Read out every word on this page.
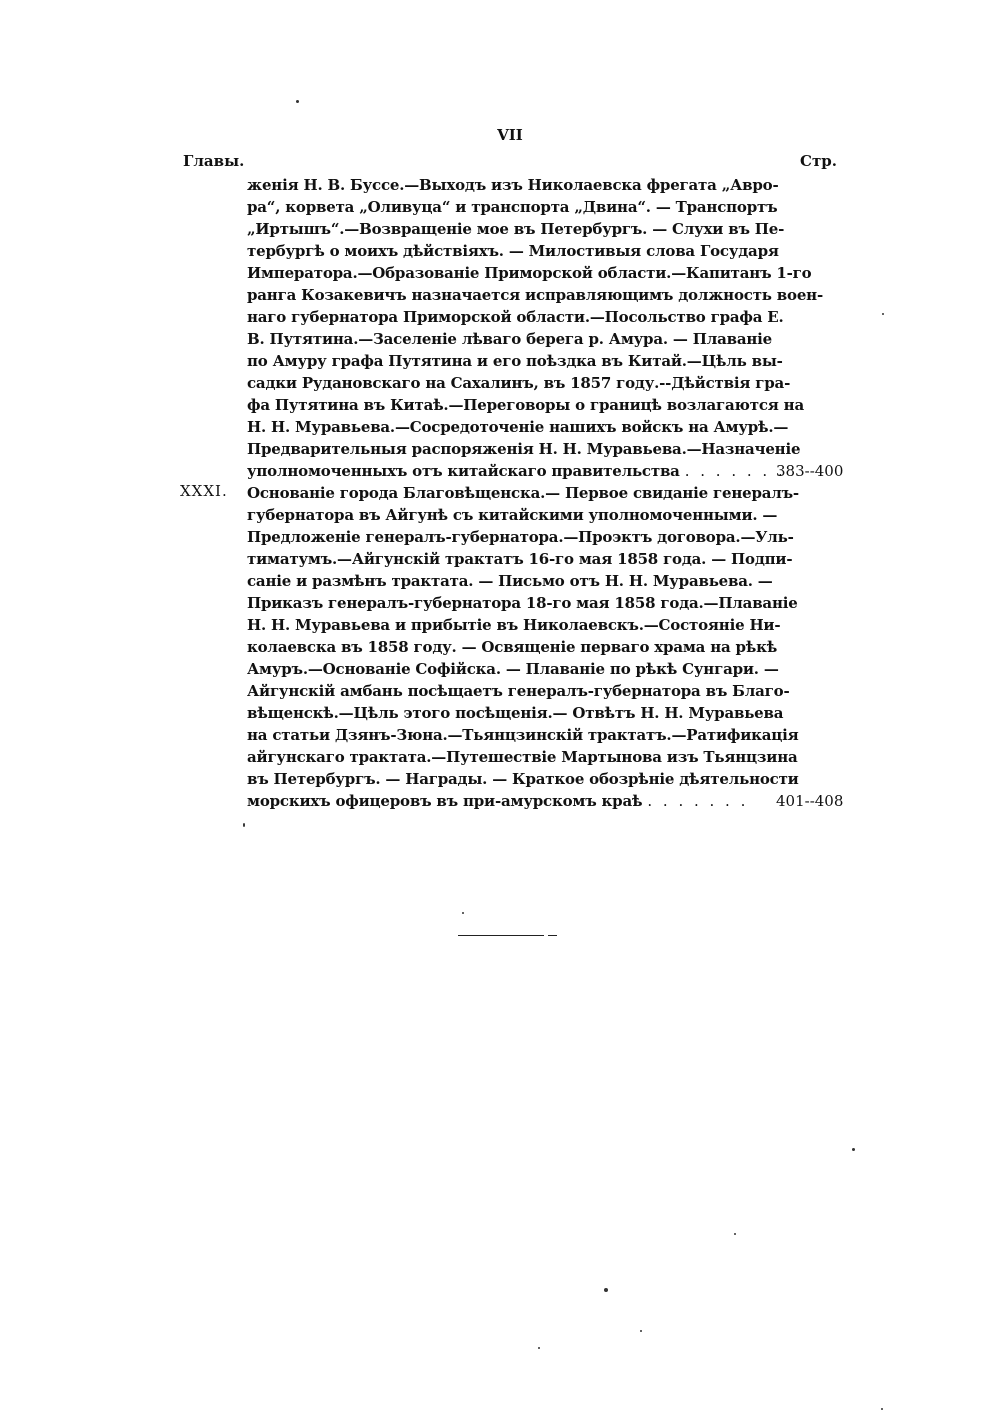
VII
Главы.	Стр.
женія Н. В. Буссе.—Выходъ изъ Николаевска фрегата „Авро-
ра“, корвета „Оливуца“ и транспорта „Двина“. — Транспортъ
„Иртышъ“.—Возвращеніе мое въ Петербургъ. — Слухи въ Пе-
тербургѣ о моихъ дѣйствіяхъ. — Милостивыя слова Государя
Императора.—Образованіе Приморской области.—Капитанъ 1-го
ранга Козакевичъ назначается исправляющимъ должность воен-
наго губернатора Приморской области.—Посольство графа Е.
В. Путятина.—Заселеніе лѣваго берега р. Амура. — Плаваніе
по Амуру графа Путятина и его поѣздка въ Китай.—Цѣль вы-
садки Рудановскаго на Сахалинъ, въ 1857 году.--Дѣйствія гра-
фа Путятина въ Китаѣ.—Переговоры о границѣ возлагаются на
Н. Н. Муравьева.—Сосредоточеніе нашихъ войскъ на Амурѣ.—
Предварительныя распоряженія Н. Н. Муравьева.—Назначеніе
уполномоченныхъ отъ китайскаго правительства . . . . . . .
383--400
XXXI. Основаніе города Благовѣщенска.— Первое свиданіе генералъ-
губернатора въ Айгунѣ съ китайскими уполномоченными. —
Предложеніе генералъ-губернатора.—Проэктъ договора.—Уль-
тиматумъ.—Айгунскій трактатъ 16-го мая 1858 года. — Подпи-
саніе и размѣнъ трактата. — Письмо отъ Н. Н. Муравьева. —
Приказъ генералъ-губернатора 18-го мая 1858 года.—Плаваніе
Н. Н. Муравьева и прибытіе въ Николаевскъ.—Состояніе Ни-
колаевска въ 1858 году. — Освященіе перваго храма на рѣкѣ
Амуръ.—Основаніе Софійска. — Плаваніе по рѣкѣ Сунгари. —
Айгунскій амбань посѣщаетъ генералъ-губернатора въ Благо-
вѣщенскѣ.—Цѣль этого посѣщенія.— Отвѣтъ Н. Н. Муравьева
на статьи Дзянъ-Зюна.—Тьянцзинскій трактатъ.—Ратификація
айгунскаго трактата.—Путешествіе Мартынова изъ Тьянцзина
въ Петербургъ. — Награды. — Краткое обозрѣніе дѣятельности
морскихъ офицеровъ въ при-амурскомъ краѣ . . . . . . .	401--408
